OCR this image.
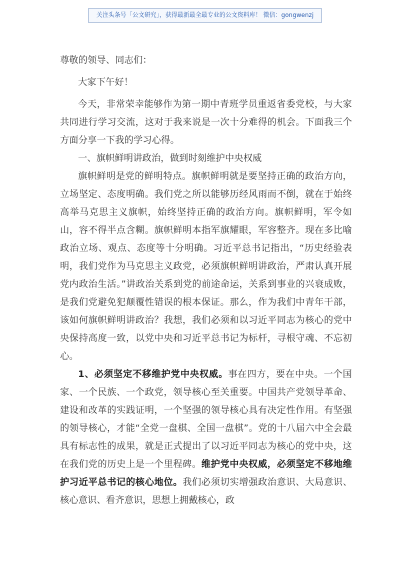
关注头条号「公文研究」，获得最新最全最专业的公文资料库！ 微信：gongwenzj

尊敬的领导、同志们：

大家下午好！

今天，非常荣幸能够作为第一期中青班学员重返省委党校，与大家共同进行学习交流，这对于我来说是一次十分难得的机会。下面我三个方面分享一下我的学习心得。

一、旗帜鲜明讲政治，做到时刻维护中央权威

旗帜鲜明是党的鲜明特点。旗帜鲜明就是要坚持正确的政治方向，立场坚定、态度明确。我们党之所以能够历经风雨而不倒，就在于始终高举马克思主义旗帜，始终坚持正确的政治方向。旗帜鲜明，军令如山，容不得半点含糊。旗帜鲜明本指军旗耀眼，军容整齐。现在多比喻政治立场、观点、态度等十分明确。习近平总书记指出，“历史经验表明，我们党作为马克思主义政党，必须旗帜鲜明讲政治，严肃认真开展党内政治生活。”讲政治关系到党的前途命运，关系到事业的兴衰成败，是我们党避免犯颠覆性错误的根本保证。那么，作为我们中青年干部，该如何旗帜鲜明讲政治？我想，我们必须和以习近平同志为核心的党中央保持高度一致，以党中央和习近平总书记为标杆，寻根守魂、不忘初心。

1、必须坚定不移维护党中央权威。事在四方，要在中央。一个国家、一个民族、一个政党，领导核心至关重要。中国共产党领导革命、建设和改革的实践证明，一个坚强的领导核心具有决定性作用。有坚强的领导核心，才能“全党一盘棋、全国一盘棋”。党的十八届六中全会最具有标志性的成果，就是正式提出了以习近平同志为核心的党中央，这在我们党的历史上是一个里程碑。维护党中央权威，必须坚定不移地维护习近平总书记的核心地位。我们必须切实增强政治意识、大局意识、核心意识、看齐意识，思想上拥戴核心，政
